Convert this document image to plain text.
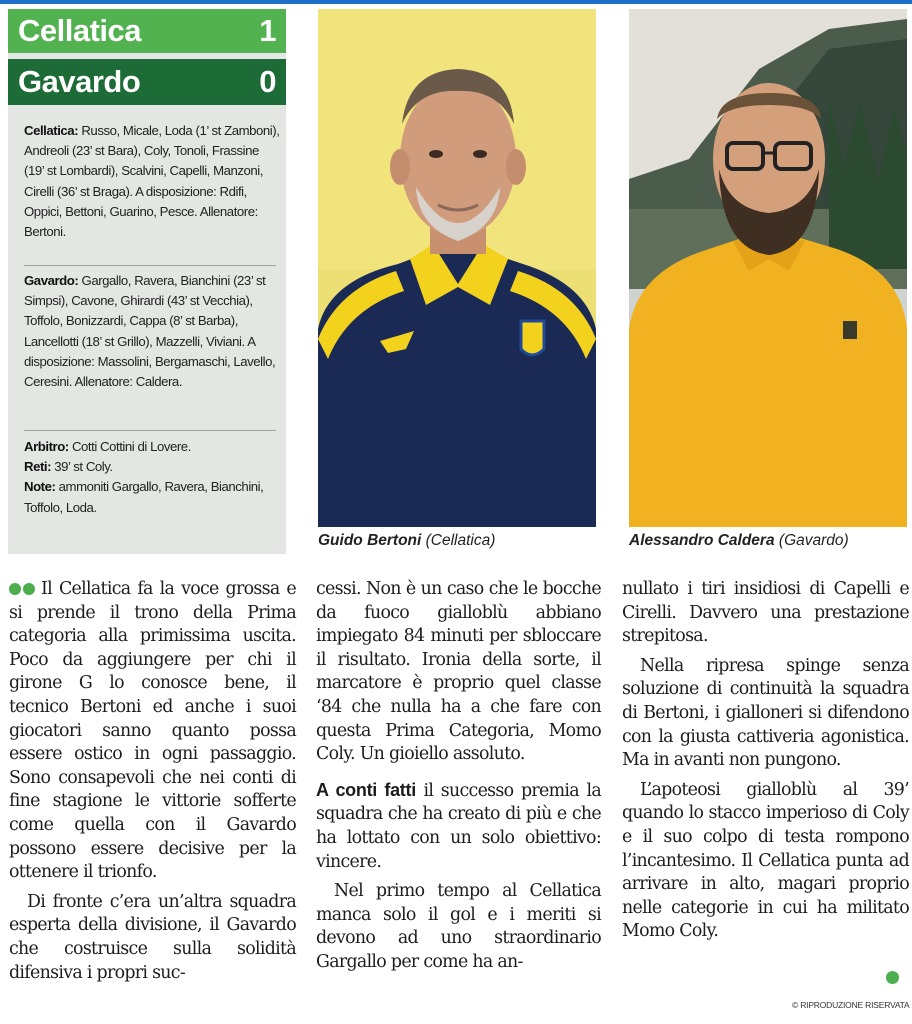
Cellatica	1
Gavardo	0

Cellatica: Russo, Micale, Loda (1’ st Zamboni), Andreoli (23’ st Bara), Coly, Tonoli, Frassine (19’ st Lombardi), Scalvini, Capelli, Manzoni, Cirelli (36’ st Braga). A disposizione: Rdifi, Oppici, Bettoni, Guarino, Pesce. Allenatore: Bertoni.

Gavardo: Gargallo, Ravera, Bianchini (23’ st Simpsi), Cavone, Ghirardi (43’ st Vecchia), Toffolo, Bonizzardi, Cappa (8’ st Barba), Lancellotti (18’ st Grillo), Mazzelli, Viviani. A disposizione: Massolini, Bergamaschi, Lavello, Ceresini. Allenatore: Caldera.

Arbitro: Cotti Cottini di Lovere.
Reti: 39’ st Coly.
Note: ammoniti Gargallo, Ravera, Bianchini, Toffolo, Loda.

Guido Bertoni (Cellatica)	Alessandro Caldera (Gavardo)

Il Cellatica fa la voce grossa e si prende il trono della Prima categoria alla primissima uscita. Poco da aggiungere per chi il girone G lo conosce bene, il tecnico Bertoni ed anche i suoi giocatori sanno quanto possa essere ostico in ogni passaggio. Sono consapevoli che nei conti di fine stagione le vittorie sofferte come quella con il Gavardo possono essere decisive per la ottenere il trionfo.

Di fronte c’era un’altra squadra esperta della divisione, il Gavardo che costruisce sulla solidità difensiva i propri suc-

cessi. Non è un caso che le bocche da fuoco gialloblù abbiano impiegato 84 minuti per sbloccare il risultato. Ironia della sorte, il marcatore è proprio quel classe ‘84 che nulla ha a che fare con questa Prima Categoria, Momo Coly. Un gioiello assoluto.

A conti fatti il successo premia la squadra che ha creato di più e che ha lottato con un solo obiettivo: vincere.

Nel primo tempo al Cellatica manca solo il gol e i meriti si devono ad uno straordinario Gargallo per come ha an-

nullato i tiri insidiosi di Capelli e Cirelli. Davvero una prestazione strepitosa.

Nella ripresa spinge senza soluzione di continuità la squadra di Bertoni, i gialloneri si difendono con la giusta cattiveria agonistica. Ma in avanti non pungono.

L’apoteosi gialloblù al 39’ quando lo stacco imperioso di Coly e il suo colpo di testa rompono l’incantesimo. Il Cellatica punta ad arrivare in alto, magari proprio nelle categorie in cui ha militato Momo Coly.

© RIPRODUZIONE RISERVATA
